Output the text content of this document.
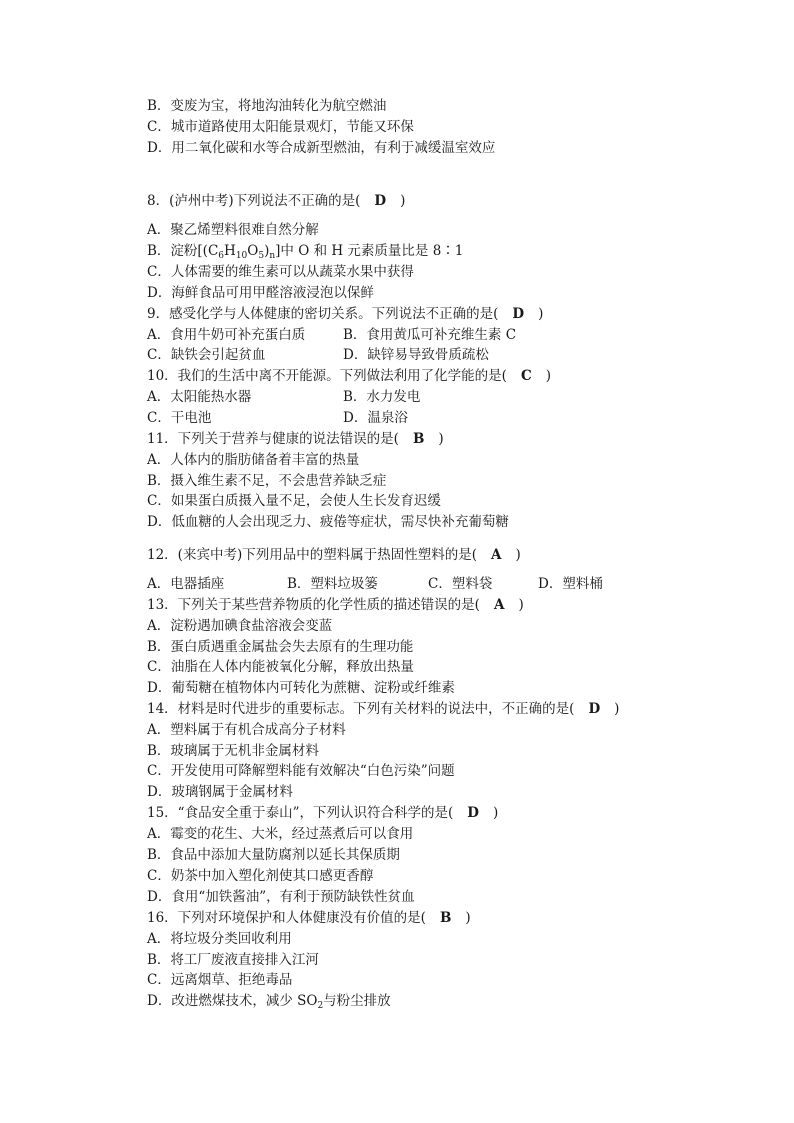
B．变废为宝，将地沟油转化为航空燃油
C．城市道路使用太阳能景观灯，节能又环保
D．用二氧化碳和水等合成新型燃油，有利于减缓温室效应
8．(泸州中考)下列说法不正确的是( D )
A．聚乙烯塑料很难自然分解
B．淀粉$[(C_6H_{10}O_5)_n]$中 O 和 H 元素质量比是 8∶1
C．人体需要的维生素可以从蔬菜水果中获得
D．海鲜食品可用甲醛溶液浸泡以保鲜
9．感受化学与人体健康的密切关系。下列说法不正确的是( D )
A．食用牛奶可补充蛋白质	B．食用黄瓜可补充维生素 C
C．缺铁会引起贫血	D．缺锌易导致骨质疏松
10．我们的生活中离不开能源。下列做法利用了化学能的是( C )
A．太阳能热水器	B．水力发电
C．干电池	D．温泉浴
11．下列关于营养与健康的说法错误的是( B )
A．人体内的脂肪储备着丰富的热量
B．摄入维生素不足，不会患营养缺乏症
C．如果蛋白质摄入量不足，会使人生长发育迟缓
D．低血糖的人会出现乏力、疲倦等症状，需尽快补充葡萄糖
12．(来宾中考)下列用品中的塑料属于热固性塑料的是( A )
A．电器插座	B．塑料垃圾篓	C．塑料袋	D．塑料桶
13．下列关于某些营养物质的化学性质的描述错误的是( A )
A．淀粉遇加碘食盐溶液会变蓝
B．蛋白质遇重金属盐会失去原有的生理功能
C．油脂在人体内能被氧化分解，释放出热量
D．葡萄糖在植物体内可转化为蔗糖、淀粉或纤维素
14．材料是时代进步的重要标志。下列有关材料的说法中，不正确的是( D )
A．塑料属于有机合成高分子材料
B．玻璃属于无机非金属材料
C．开发使用可降解塑料能有效解决“白色污染”问题
D．玻璃钢属于金属材料
15．“食品安全重于泰山”，下列认识符合科学的是( D )
A．霉变的花生、大米，经过蒸煮后可以食用
B．食品中添加大量防腐剂以延长其保质期
C．奶茶中加入塑化剂使其口感更香醇
D．食用“加铁酱油”，有利于预防缺铁性贫血
16．下列对环境保护和人体健康没有价值的是( B )
A．将垃圾分类回收利用
B．将工厂废液直接排入江河
C．远离烟草、拒绝毒品
D．改进燃煤技术，减少 $SO_2$与粉尘排放
